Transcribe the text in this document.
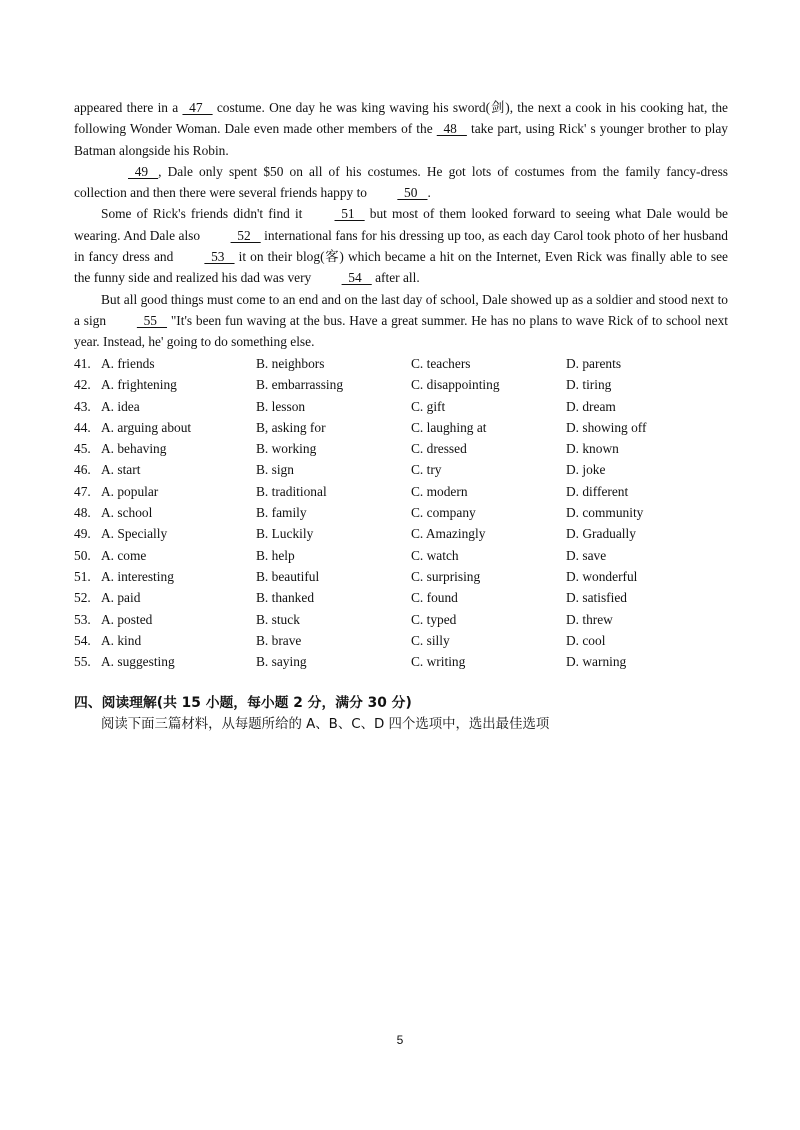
appeared there in a   47    costume. One day he was king waving his sword(剑), the next a cook in his cooking hat, the following Wonder Woman. Dale even made other members of the   48    take part, using Rick' s younger brother to play Batman alongside his Robin.

49   , Dale only spent $50 on all of his costumes. He got lots of costumes from the family fancy-dress collection and then there were several friends happy to   50   .

Some of Rick's friends didn't find it   51    but most of them looked forward to seeing what Dale would be wearing. And Dale also   52    international fans for his dressing up too, as each day Carol took photo of her husband in fancy dress and   53    it on their blog(客) which became a hit on the Internet, Even Rick was finally able to see the funny side and realized his dad was very   54    after all.

But all good things must come to an end and on the last day of school, Dale showed up as a soldier and stood next to a sign   55    "It's been fun waving at the bus. Have a great summer. He has no plans to wave Rick of to school next year. Instead, he' going to do something else.

41. A. friends	B. neighbors	C. teachers	D. parents
42. A. frightening	B. embarrassing	C. disappointing	D. tiring
43. A. idea	B. lesson	C. gift	D. dream
44. A. arguing about	B, asking for	C. laughing at	D. showing off
45. A. behaving	B. working	C. dressed	D. known
46. A. start	B. sign	C. try	D. joke
47. A. popular	B. traditional	C. modern	D. different
48. A. school	B. family	C. company	D. community
49. A. Specially	B. Luckily	C. Amazingly	D. Gradually
50. A. come	B. help	C. watch	D. save
51. A. interesting	B. beautiful	C. surprising	D. wonderful
52. A. paid	B. thanked	C. found	D. satisfied
53. A. posted	B. stuck	C. typed	D. threw
54. A. kind	B. brave	C. silly	D. cool
55. A. suggesting	B. saying	C. writing	D. warning
四、阅读理解(共 15 小题，每小题 2 分，满分 30 分)
阅读下面三篇材料，从每题所给的 A、B、C、D 四个选项中，选出最佳选项
5
